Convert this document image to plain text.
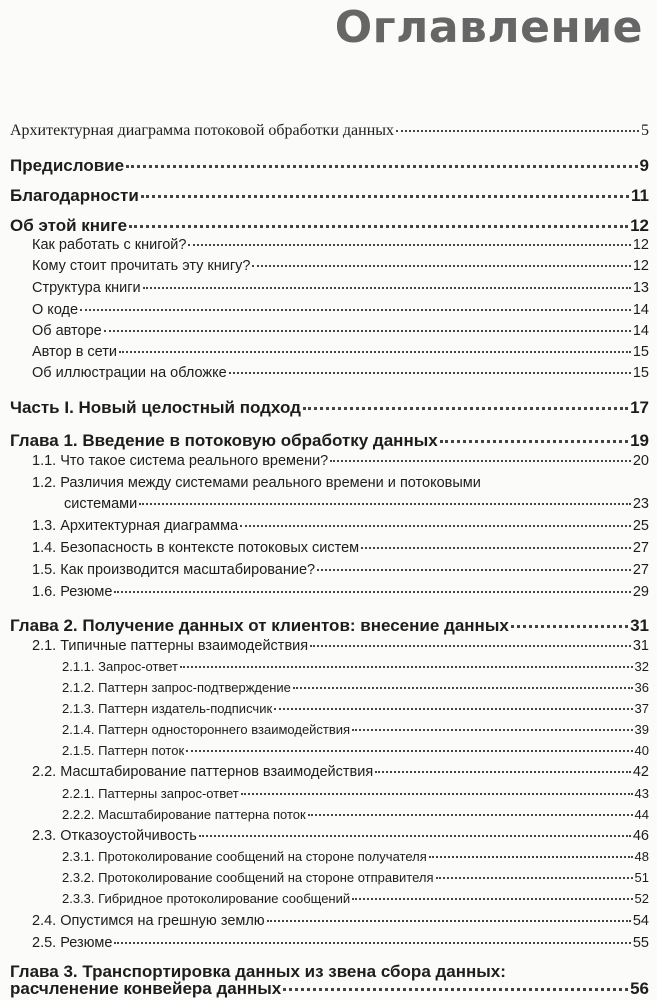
Оглавление
Архитектурная диаграмма потоковой обработки данных	5
Предисловие	9
Благодарности	11
Об этой книге	12
Как работать с книгой?	12
Кому стоит прочитать эту книгу?	12
Структура книги	13
О коде	14
Об авторе	14
Автор в сети	15
Об иллюстрации на обложке	15
Часть I. Новый целостный подход	17
Глава 1. Введение в потоковую обработку данных	19
1.1. Что такое система реального времени?	20
1.2. Различия между системами реального времени и потоковыми
системами	23
1.3. Архитектурная диаграмма	25
1.4. Безопасность в контексте потоковых систем	27
1.5. Как производится масштабирование?	27
1.6. Резюме	29
Глава 2. Получение данных от клиентов: внесение данных	31
2.1. Типичные паттерны взаимодействия	31
2.1.1. Запрос-ответ	32
2.1.2. Паттерн запрос-подтверждение	36
2.1.3. Паттерн издатель-подписчик	37
2.1.4. Паттерн одностороннего взаимодействия	39
2.1.5. Паттерн поток	40
2.2. Масштабирование паттернов взаимодействия	42
2.2.1. Паттерны запрос-ответ	43
2.2.2. Масштабирование паттерна поток	44
2.3. Отказоустойчивость	46
2.3.1. Протоколирование сообщений на стороне получателя	48
2.3.2. Протоколирование сообщений на стороне отправителя	51
2.3.3. Гибридное протоколирование сообщений	52
2.4. Опустимся на грешную землю	54
2.5. Резюме	55
Глава 3. Транспортировка данных из звена сбора данных:
расчленение конвейера данных	56
